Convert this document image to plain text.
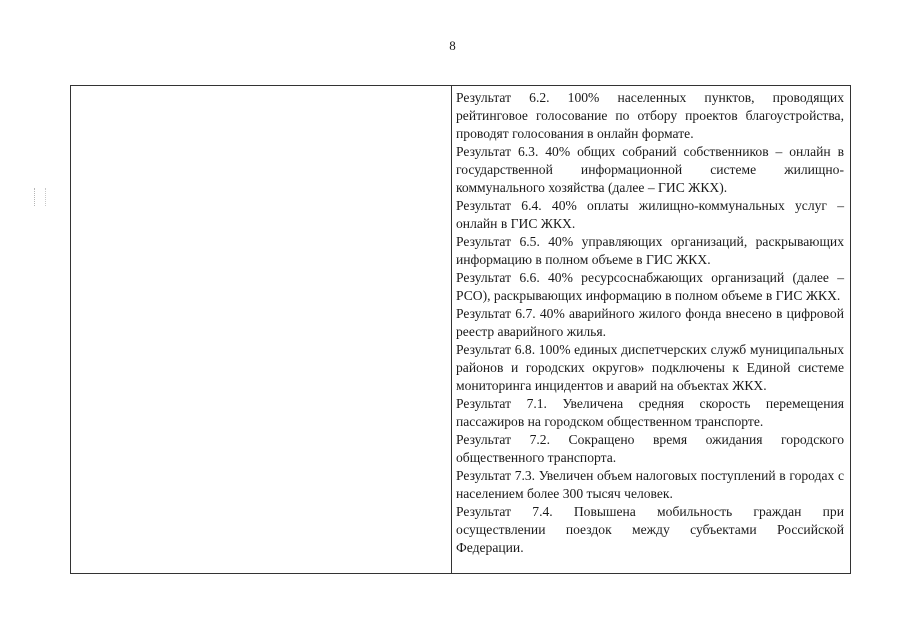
8

Результат 6.2. 100% населенных пунктов, проводящих рейтинговое голосование по отбору проектов благоустройства, проводят голосования в онлайн формате.

Результат 6.3. 40% общих собраний собственников – онлайн в государственной информационной системе жилищно-коммунального хозяйства (далее – ГИС ЖКХ).

Результат 6.4. 40% оплаты жилищно-коммунальных услуг – онлайн в ГИС ЖКХ.

Результат 6.5. 40% управляющих организаций, раскрывающих информацию в полном объеме в ГИС ЖКХ.

Результат 6.6. 40% ресурсоснабжающих организаций (далее – РСО), раскрывающих информацию в полном объеме в ГИС ЖКХ.

Результат 6.7. 40% аварийного жилого фонда внесено в цифровой реестр аварийного жилья.

Результат 6.8. 100% единых диспетчерских служб муниципальных районов и городских округов» подключены к Единой системе мониторинга инцидентов и аварий на объектах ЖКХ.

Результат 7.1. Увеличена средняя скорость перемещения пассажиров на городском общественном транспорте.

Результат 7.2. Сокращено время ожидания городского общественного транспорта.

Результат 7.3. Увеличен объем налоговых поступлений в городах с населением более 300 тысяч человек.

Результат 7.4. Повышена мобильность граждан при осуществлении поездок между субъектами Российской Федерации.
